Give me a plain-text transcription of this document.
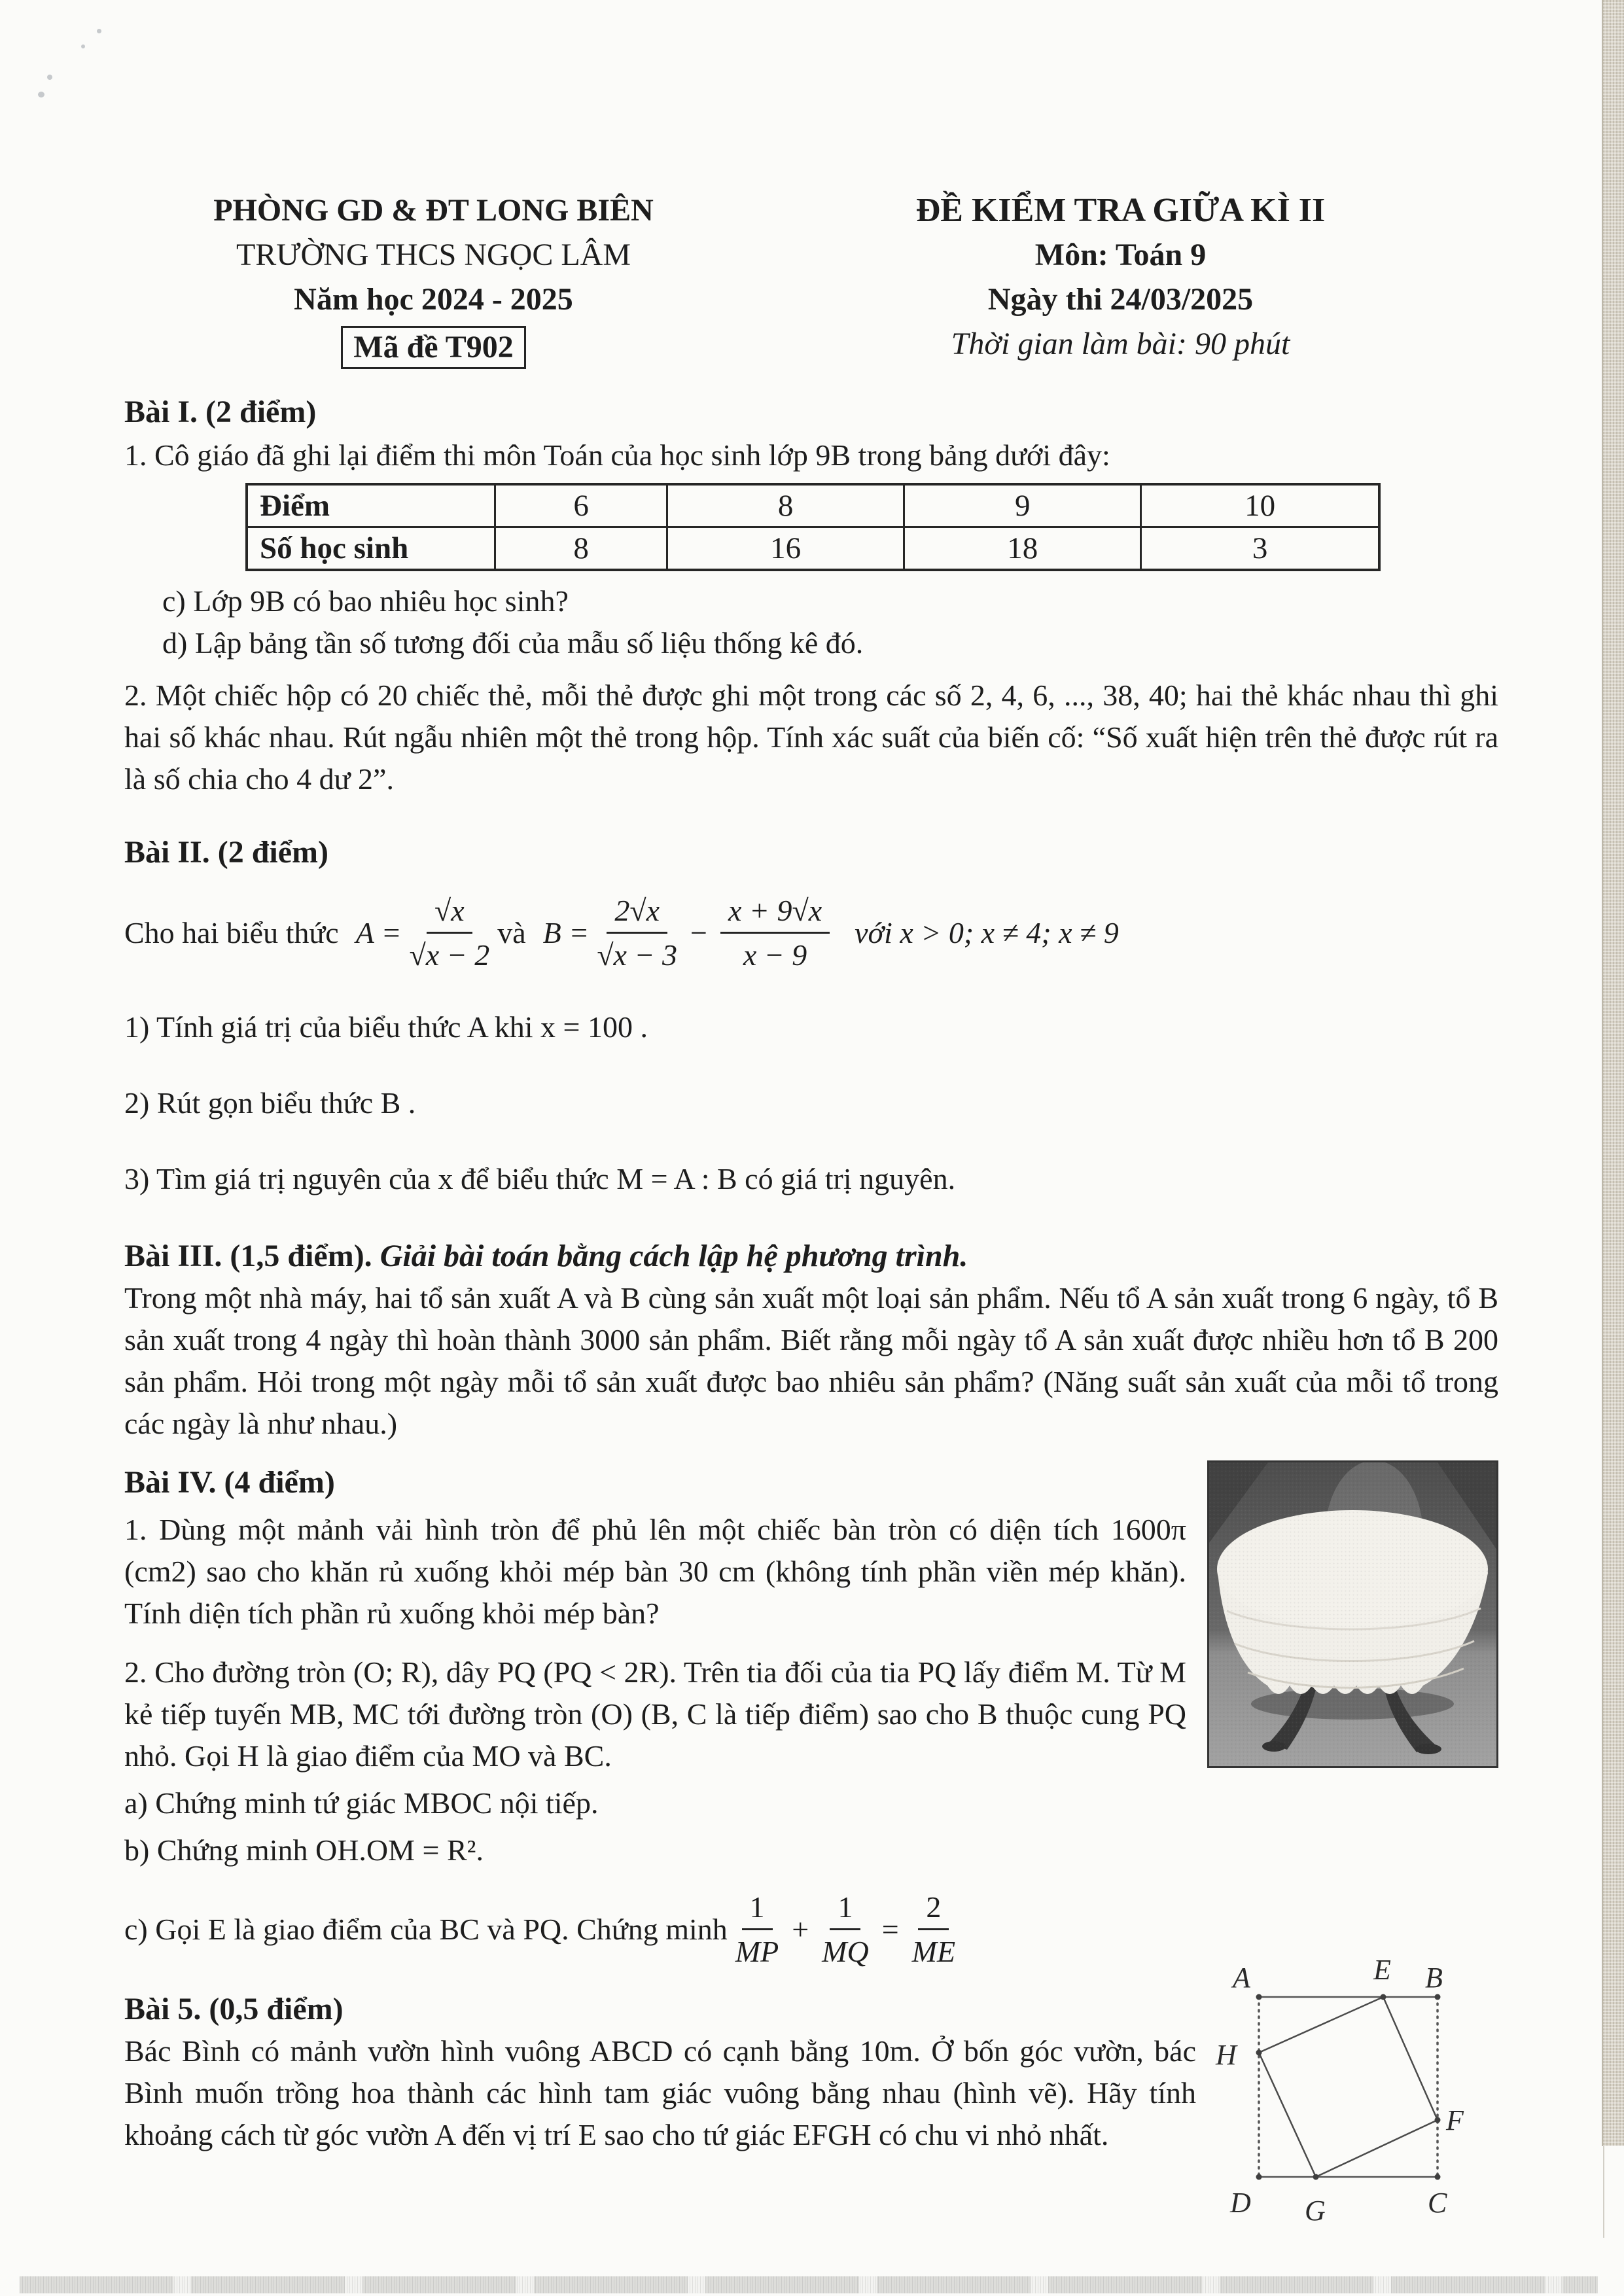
PHÒNG GD & ĐT LONG BIÊN
TRƯỜNG THCS NGỌC LÂM
Năm học 2024 - 2025
Mã đề T902
ĐỀ KIỂM TRA GIỮA KÌ II
Môn: Toán 9
Ngày thi 24/03/2025
Thời gian làm bài: 90 phút
Bài I. (2 điểm)

1. Cô giáo đã ghi lại điểm thi môn Toán của học sinh lớp 9B trong bảng dưới đây:

Điểm	6	8	9	10
Số học sinh	8	16	18	3

c) Lớp 9B có bao nhiêu học sinh?

d) Lập bảng tần số tương đối của mẫu số liệu thống kê đó.

2. Một chiếc hộp có 20 chiếc thẻ, mỗi thẻ được ghi một trong các số 2, 4, 6, ..., 38, 40; hai thẻ khác nhau thì ghi hai số khác nhau. Rút ngẫu nhiên một thẻ trong hộp. Tính xác suất của biến cố: “Số xuất hiện trên thẻ được rút ra là số chia cho 4 dư 2”.

Bài II. (2 điểm)
Cho hai biểu thức $A = \frac{√x}{√x - 2}$ và $B = \frac{2√x}{√x - 3} - \frac{x + 9√x}{x - 9}$ với x > 0; x ≠ 4; x ≠ 9

1) Tính giá trị của biểu thức A khi x = 100 .

2) Rút gọn biểu thức B .

3) Tìm giá trị nguyên của x để biểu thức M = A : B có giá trị nguyên.

Bài III. (1,5 điểm). Giải bài toán bằng cách lập hệ phương trình.

Trong một nhà máy, hai tổ sản xuất A và B cùng sản xuất một loại sản phẩm. Nếu tổ A sản xuất trong 6 ngày, tổ B sản xuất trong 4 ngày thì hoàn thành 3000 sản phẩm. Biết rằng mỗi ngày tổ A sản xuất được nhiều hơn tổ B 200 sản phẩm. Hỏi trong một ngày mỗi tổ sản xuất được bao nhiêu sản phẩm? (Năng suất sản xuất của mỗi tổ trong các ngày là như nhau.)

Bài IV. (4 điểm)

1. Dùng một mảnh vải hình tròn để phủ lên một chiếc bàn tròn có diện tích 1600π (cm2) sao cho khăn rủ xuống khỏi mép bàn 30 cm (không tính phần viền mép khăn). Tính diện tích phần rủ xuống khỏi mép bàn?

2. Cho đường tròn (O; R), dây PQ (PQ < 2R). Trên tia đối của tia PQ lấy điểm M. Từ M kẻ tiếp tuyến MB, MC tới đường tròn (O) (B, C là tiếp điểm) sao cho B thuộc cung PQ nhỏ. Gọi H là giao điểm của MO và BC.

a) Chứng minh tứ giác MBOC nội tiếp.

b) Chứng minh OH.OM = R².

c) Gọi E là giao điểm của BC và PQ. Chứng minh $\frac{1}{MP} + \frac{1}{MQ} = \frac{2}{ME}$
A	E B
H
F
D G	C
Bài 5. (0,5 điểm)

Bác Bình có mảnh vườn hình vuông ABCD có cạnh bằng 10m. Ở bốn góc vườn, bác Bình muốn trồng hoa thành các hình tam giác vuông bằng nhau (hình vẽ). Hãy tính khoảng cách từ góc vườn A đến vị trí E sao cho tứ giác EFGH có chu vi nhỏ nhất.
